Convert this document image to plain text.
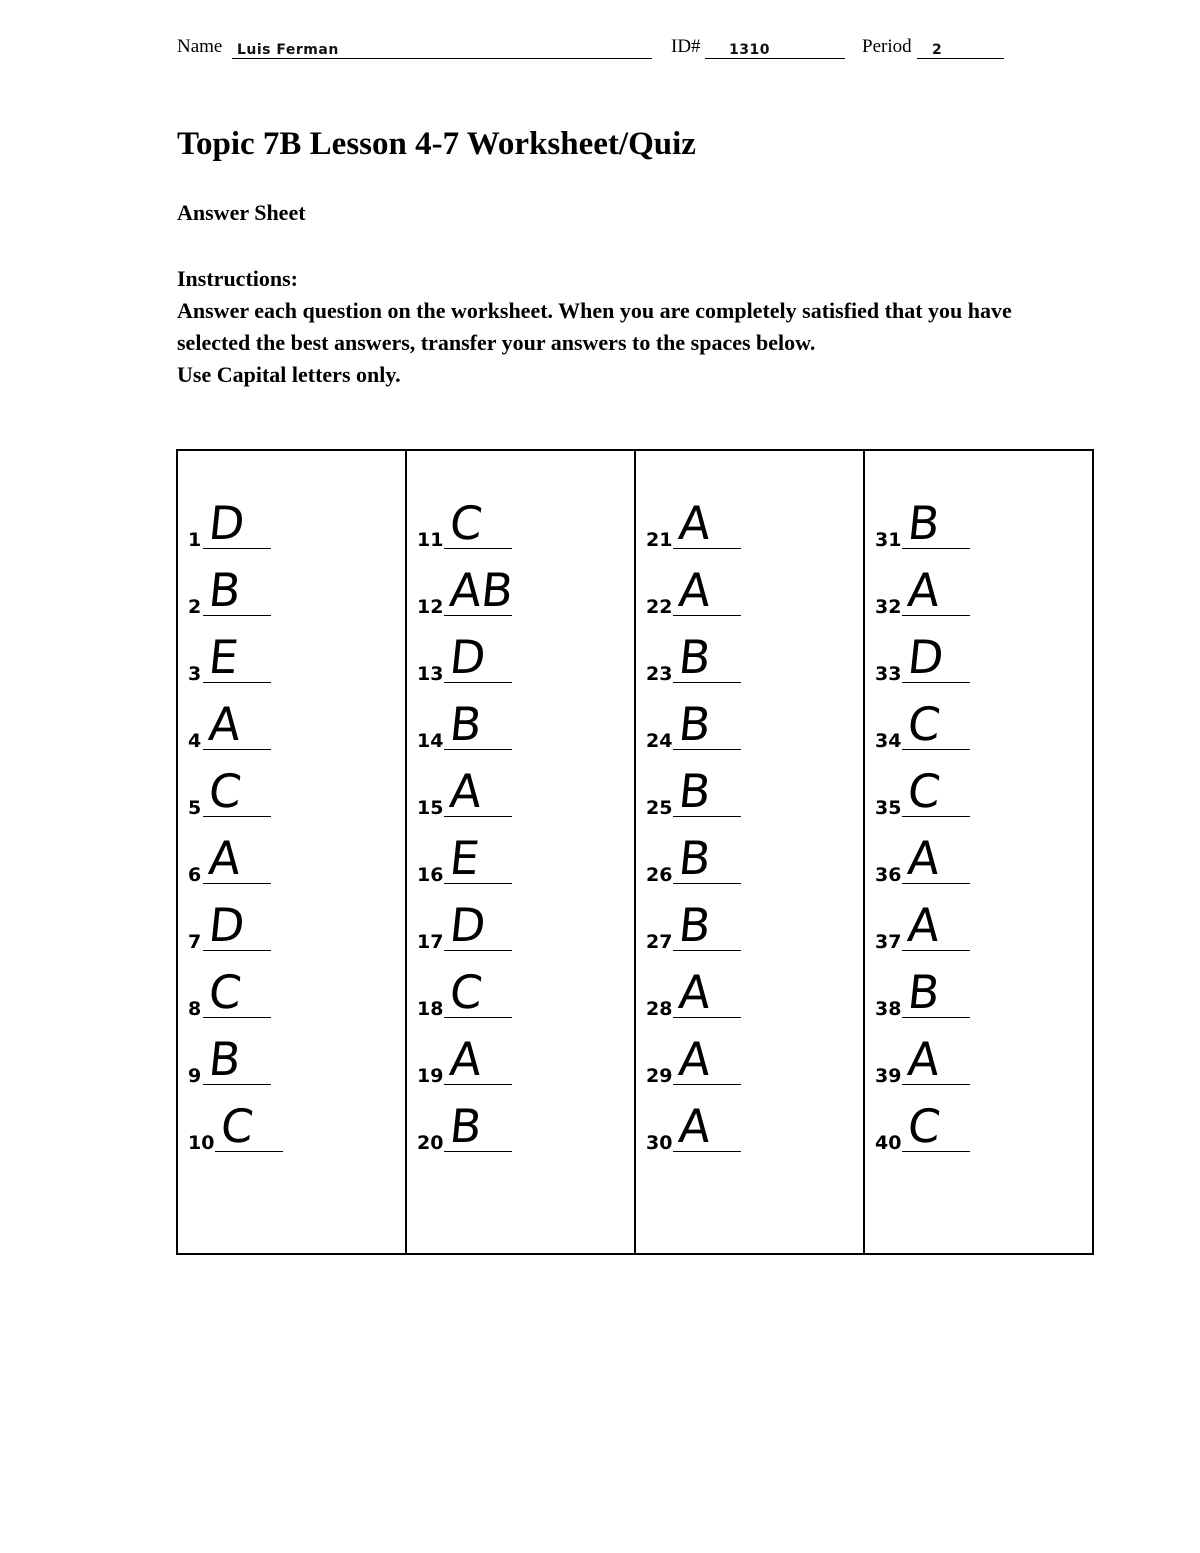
Name Luis Ferman	ID# 1310	Period 2
Topic 7B Lesson 4-7 Worksheet/Quiz
Answer Sheet

Instructions:

Answer each question on the worksheet. When you are completely satisfied that you have selected the best answers, transfer your answers to the spaces below.

Use Capital letters only.

1 D
2 B
3 E
4 A
5 C
6 A
7 D
8 C
9 B
10 C
11 C
12 AB
13 D
14 B
15 A
16 E
17 D
18 C
19 A
20 B
21 A
22 A
23 B
24 B
25 B
26 B
27 B
28 A
29 A
30 A
31 B
32 A
33 D
34 C
35 C
36 A
37 A
38 B
39 A
40 C
